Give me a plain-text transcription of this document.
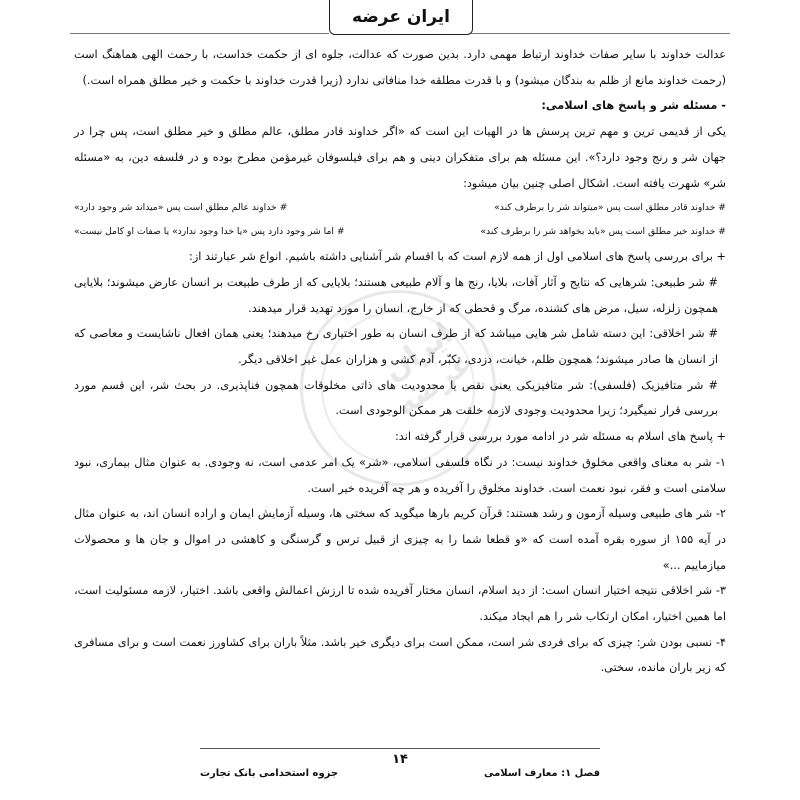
ایران عرضه
ایران عرضه

عدالت خداوند با سایر صفات خداوند ارتباط مهمی دارد. بدین صورت که عدالت، جلوه ای از حکمت خداست، با رحمت الهی هماهنگ است (رحمت خداوند مانع از ظلم به بندگان میشود) و با قدرت مطلقه خدا منافاتی ندارد (زیرا قدرت خداوند با حکمت و خیر مطلق همراه است.)

- مسئله شر و پاسخ های اسلامی:

یکی از قدیمی ترین و مهم ترین پرسش ها در الهیات این است که «اگر خداوند قادر مطلق، عالم مطلق و خیر مطلق است، پس چرا در جهان شر و رنج وجود دارد؟». این مسئله هم برای متفکران دینی و هم برای فیلسوفان غیرمؤمن مطرح بوده و در فلسفه دین، به «مسئله شر» شهرت یافته است. اشکال اصلی چنین بیان میشود:

# خداوند قادر مطلق است پس «میتواند شر را برطرف کند»
# خداوند عالم مطلق است پس «میداند شر وجود دارد»
# خداوند خیر مطلق است پس «باید بخواهد شر را برطرف کند»
# اما شر وجود دارد پس «یا خدا وجود ندارد» یا صفات او کامل نیست»

+ برای بررسی پاسخ های اسلامی اول از همه لازم است که با اقسام شر آشنایی داشته باشیم. انواع شر عبارتند از:

# شر طبیعی: شرهایی که نتایج و آثار آفات، بلایا، رنج ها و آلام طبیعی هستند؛ بلایایی که از طرف طبیعت بر انسان عارض میشوند؛ بلایایی همچون زلزله، سیل، مرض های کشنده، مرگ و قحطی که از خارج، انسان را مورد تهدید قرار میدهند.

# شر اخلاقی: این دسته شامل شر هایی میباشد که از طرف انسان به طور اختیاری رخ میدهند؛ یعنی همان افعال ناشایست و معاصی که از انسان ها صادر میشوند؛ همچون ظلم، خیانت، دزدی، تکبّر، آدم کشی و هزاران عمل غیر اخلاقی دیگر.

# شر متافیزیک (فلسفی): شر متافیزیکی یعنی نقص یا محدودیت های ذاتی مخلوقات همچون فناپذیری. در بحث شر، این قسم مورد بررسی قرار نمیگیرد؛ زیرا محدودیت وجودی لازمه خلقت هر ممکن الوجودی است.

+ پاسخ های اسلام به مسئله شر در ادامه مورد بررسی قرار گرفته اند:

۱- شر به معنای واقعی مخلوق خداوند نیست: در نگاه فلسفی اسلامی، «شر» یک امر عدمی است، نه وجودی. به عنوان مثال بیماری، نبود سلامتی است و فقر، نبود نعمت است. خداوند مخلوق را آفریده و هر چه آفریده خیر است.

۲- شر های طبیعی وسیله آزمون و رشد هستند: قرآن کریم بارها میگوید که سختی ها، وسیله آزمایش ایمان و اراده انسان اند، به عنوان مثال در آیه ۱۵۵ از سوره بقره آمده است که «و قطعا شما را به چیزی از قبیل ترس و گرسنگی و کاهشی در اموال و جان ها و محصولات میازماییم ...»

۳- شر اخلاقی نتیجه اختیار انسان است: از دید اسلام، انسان مختار آفریده شده تا ارزش اعمالش واقعی باشد. اختیار، لازمه مسئولیت است، اما همین اختیار، امکان ارتکاب شر را هم ایجاد میکند.

۴- نسبی بودن شر: چیزی که برای فردی شر است، ممکن است برای دیگری خیر باشد. مثلاً باران برای کشاورز نعمت است و برای مسافری که زیر باران مانده، سختی.

۱۴
جزوه استخدامی بانک تجارت	فصل ۱: معارف اسلامی
